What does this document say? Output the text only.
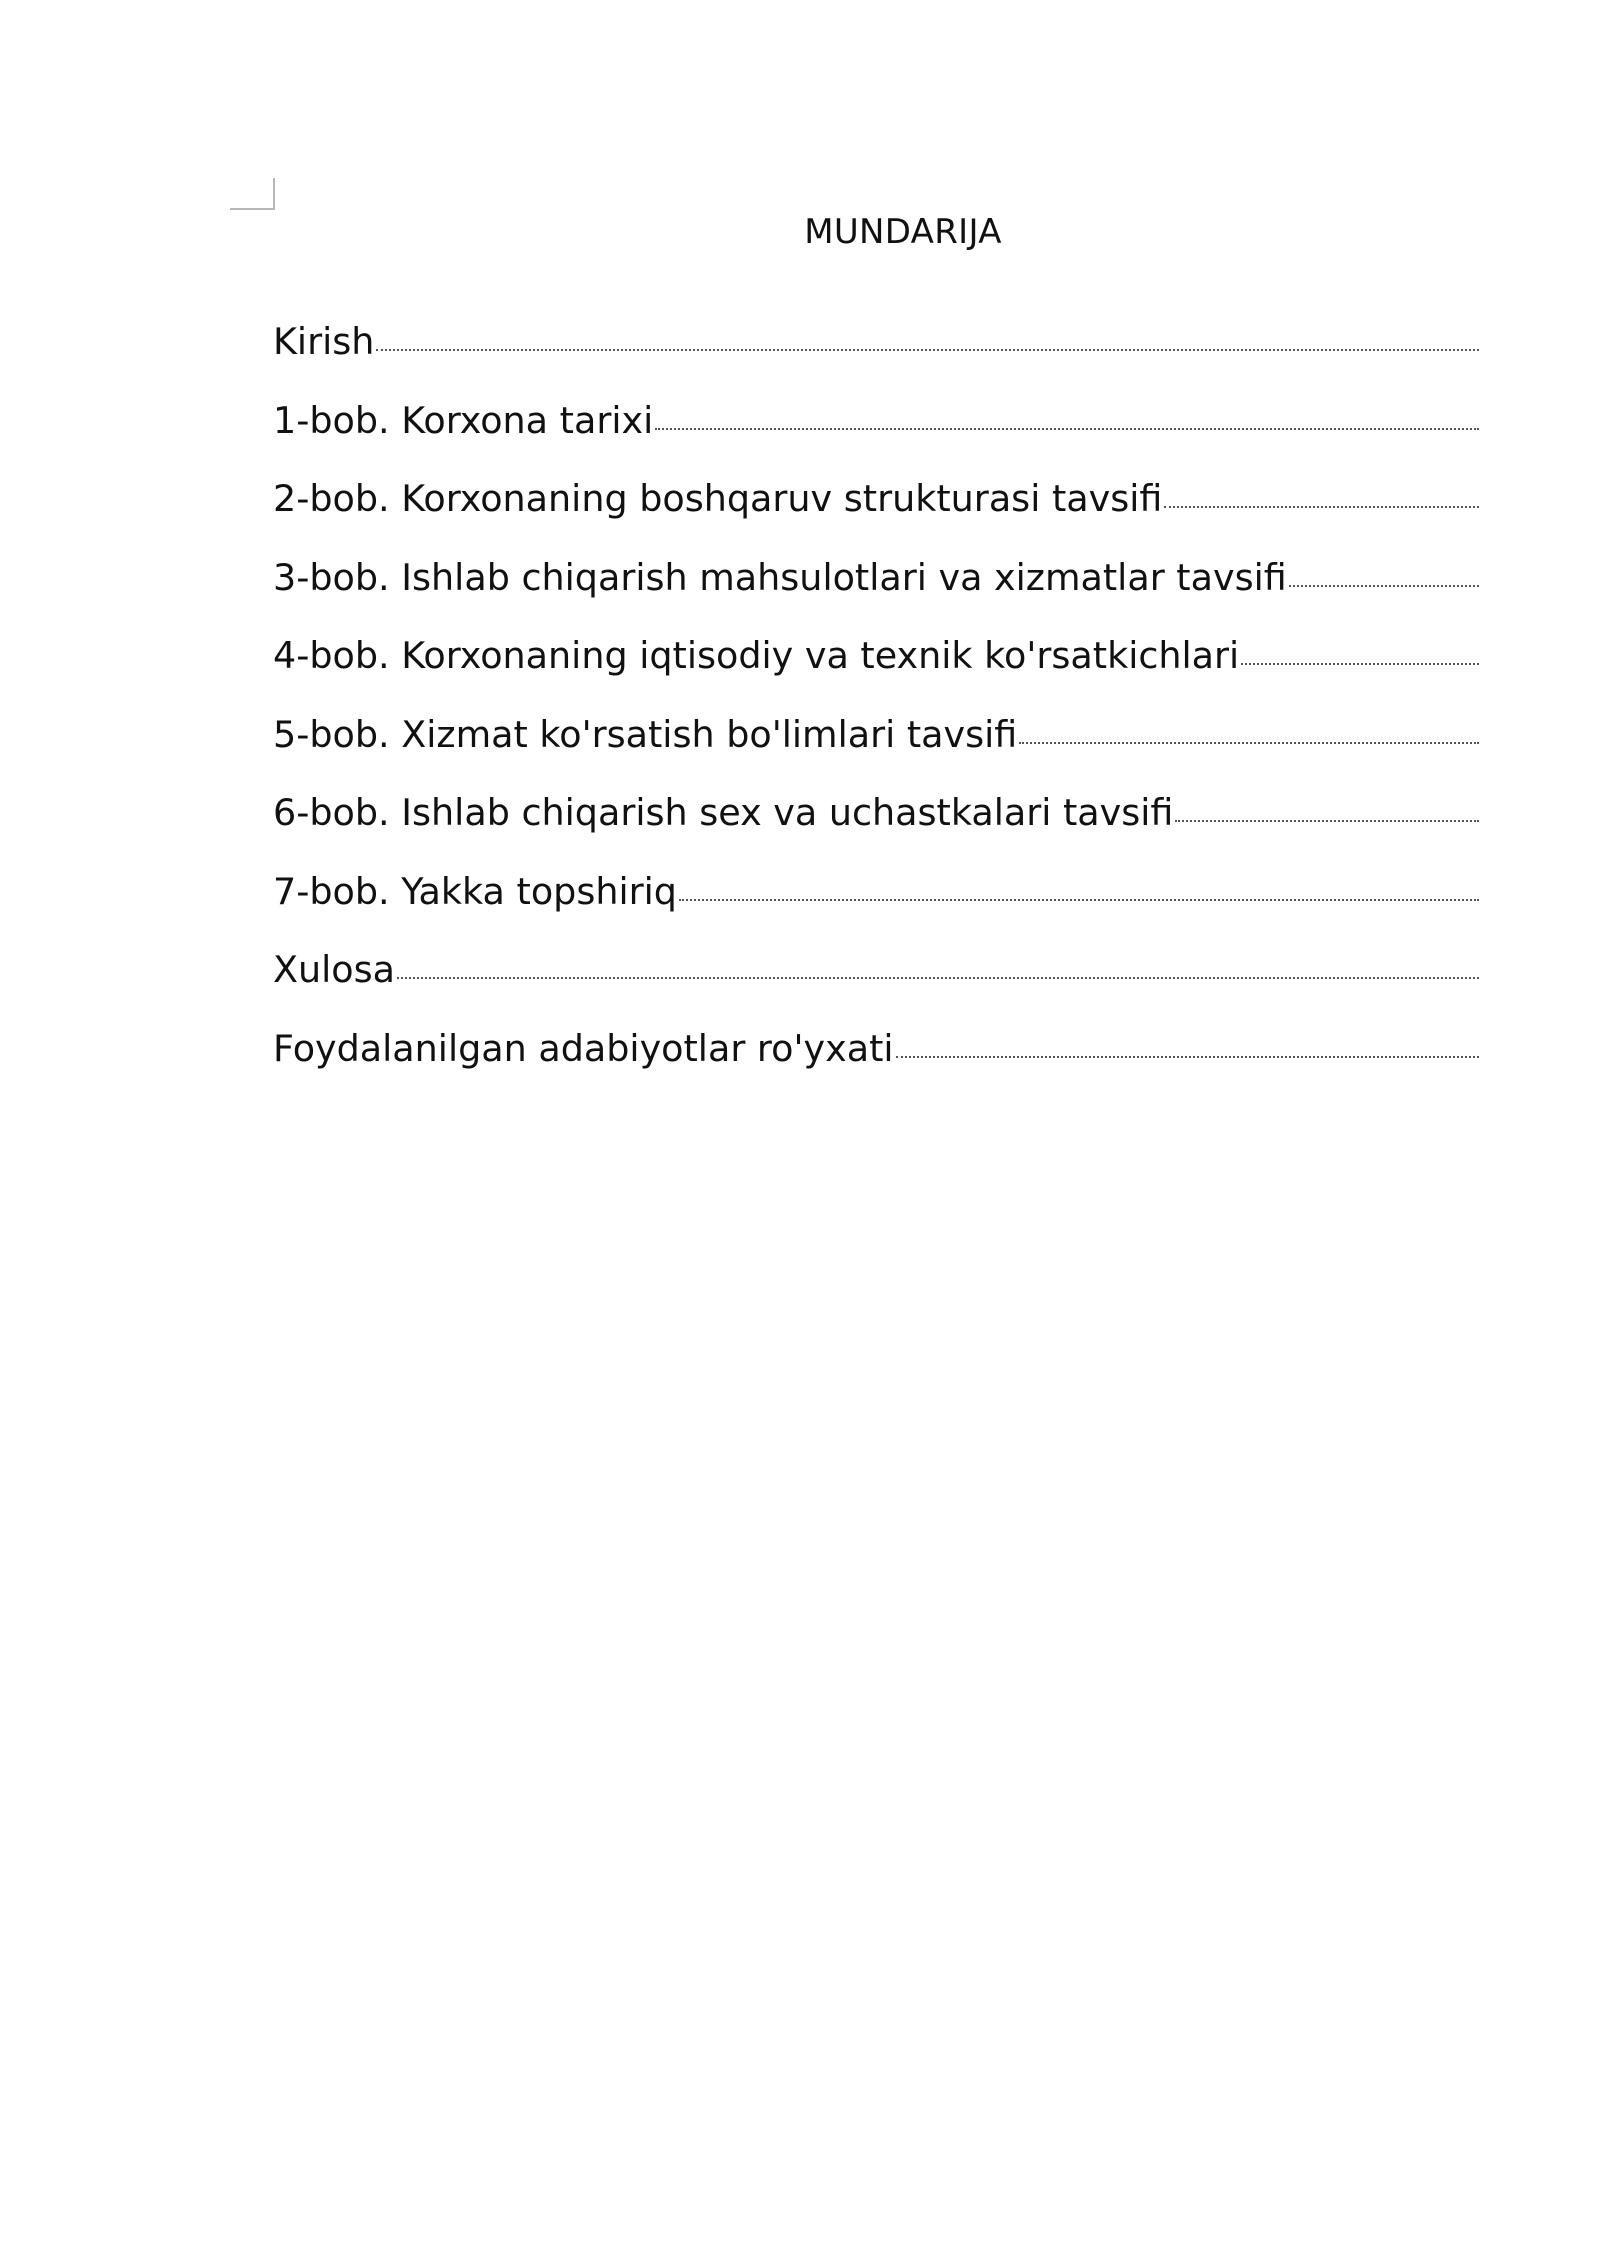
MUNDARIJA
Kirish
1-bob. Korxona tarixi
2-bob. Korxonaning boshqaruv strukturasi tavsifi
3-bob. Ishlab chiqarish mahsulotlari va xizmatlar tavsifi
4-bob. Korxonaning iqtisodiy va texnik ko'rsatkichlari
5-bob. Xizmat ko'rsatish bo'limlari tavsifi
6-bob. Ishlab chiqarish sex va uchastkalari tavsifi
7-bob. Yakka topshiriq
Xulosa
Foydalanilgan adabiyotlar ro'yxati
